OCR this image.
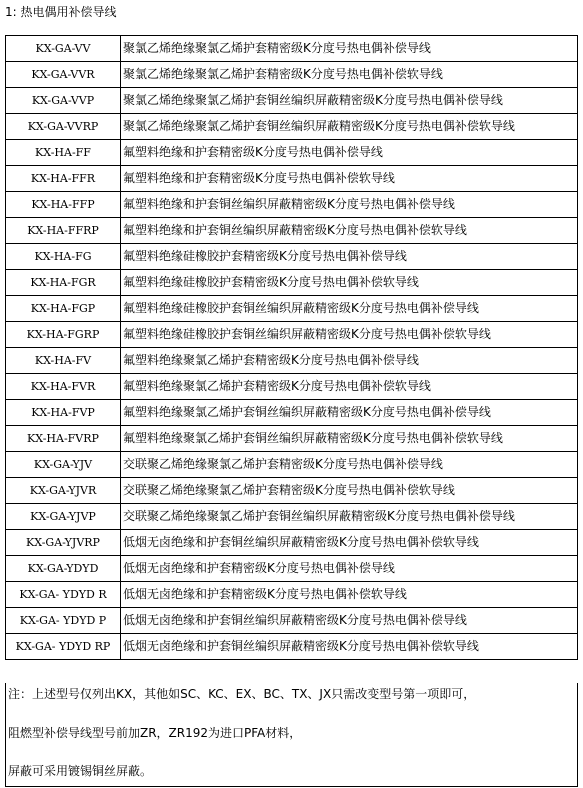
1: 热电偶用补偿导线
KX-GA-VV	聚氯乙烯绝缘聚氯乙烯护套精密级K分度号热电偶补偿导线
KX-GA-VVR	聚氯乙烯绝缘聚氯乙烯护套精密级K分度号热电偶补偿软导线
KX-GA-VVP	聚氯乙烯绝缘聚氯乙烯护套铜丝编织屏蔽精密级K分度号热电偶补偿导线
KX-GA-VVRP	聚氯乙烯绝缘聚氯乙烯护套铜丝编织屏蔽精密级K分度号热电偶补偿软导线
KX-HA-FF	氟塑料绝缘和护套精密级K分度号热电偶补偿导线
KX-HA-FFR	氟塑料绝缘和护套精密级K分度号热电偶补偿软导线
KX-HA-FFP	氟塑料绝缘和护套铜丝编织屏蔽精密级K分度号热电偶补偿导线
KX-HA-FFRP	氟塑料绝缘和护套铜丝编织屏蔽精密级K分度号热电偶补偿软导线
KX-HA-FG	氟塑料绝缘硅橡胶护套精密级K分度号热电偶补偿导线
KX-HA-FGR	氟塑料绝缘硅橡胶护套精密级K分度号热电偶补偿软导线
KX-HA-FGP	氟塑料绝缘硅橡胶护套铜丝编织屏蔽精密级K分度号热电偶补偿导线
KX-HA-FGRP	氟塑料绝缘硅橡胶护套铜丝编织屏蔽精密级K分度号热电偶补偿软导线
KX-HA-FV	氟塑料绝缘聚氯乙烯护套精密级K分度号热电偶补偿导线
KX-HA-FVR	氟塑料绝缘聚氯乙烯护套精密级K分度号热电偶补偿软导线
KX-HA-FVP	氟塑料绝缘聚氯乙烯护套铜丝编织屏蔽精密级K分度号热电偶补偿导线
KX-HA-FVRP	氟塑料绝缘聚氯乙烯护套铜丝编织屏蔽精密级K分度号热电偶补偿软导线
KX-GA-YJV	交联聚乙烯绝缘聚氯乙烯护套精密级K分度号热电偶补偿导线
KX-GA-YJVR	交联聚乙烯绝缘聚氯乙烯护套精密级K分度号热电偶补偿软导线
KX-GA-YJVP	交联聚乙烯绝缘聚氯乙烯护套铜丝编织屏蔽精密级K分度号热电偶补偿导线
KX-GA-YJVRP	低烟无卤绝缘和护套铜丝编织屏蔽精密级K分度号热电偶补偿软导线
KX-GA-YDYD	低烟无卤绝缘和护套精密级K分度号热电偶补偿导线
KX-GA- YDYD R	低烟无卤绝缘和护套精密级K分度号热电偶补偿软导线
KX-GA- YDYD P	低烟无卤绝缘和护套铜丝编织屏蔽精密级K分度号热电偶补偿导线
KX-GA- YDYD RP	低烟无卤绝缘和护套铜丝编织屏蔽精密级K分度号热电偶补偿软导线
注：上述型号仅列出KX，其他如SC、KC、EX、BC、TX、JX只需改变型号第一项即可，
阻燃型补偿导线型号前加ZR，ZR192为进口PFA材料，
屏蔽可采用镀锡铜丝屏蔽。
